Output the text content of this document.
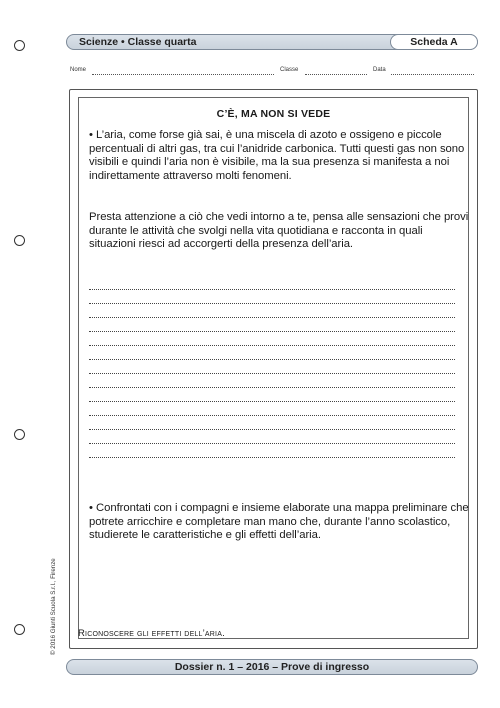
Scienze • Classe quarta	Scheda A
Nome	Classe	Data
C’È, MA NON SI VEDE

• L’aria, come forse già sai, è una miscela di azoto e ossigeno e piccole percentuali di altri gas, tra cui l’anidride carbonica. Tutti questi gas non sono visibili e quindi l’aria non è visibile, ma la sua presenza si manifesta a noi indirettamente attraverso molti fenomeni.

Presta attenzione a ciò che vedi intorno a te, pensa alle sensazioni che provi durante le attività che svolgi nella vita quotidiana e racconta in quali situazioni riesci ad accorgerti della presenza dell’aria.

• Confrontati con i compagni e insieme elaborate una mappa preliminare che potrete arricchire e completare man mano che, durante l’anno scolastico, studierete le caratteristiche e gli effetti dell’aria.

Riconoscere gli effetti dell’aria.
© 2016 Giunti Scuola S.r.l., Firenze
Dossier n. 1 – 2016 – Prove di ingresso
